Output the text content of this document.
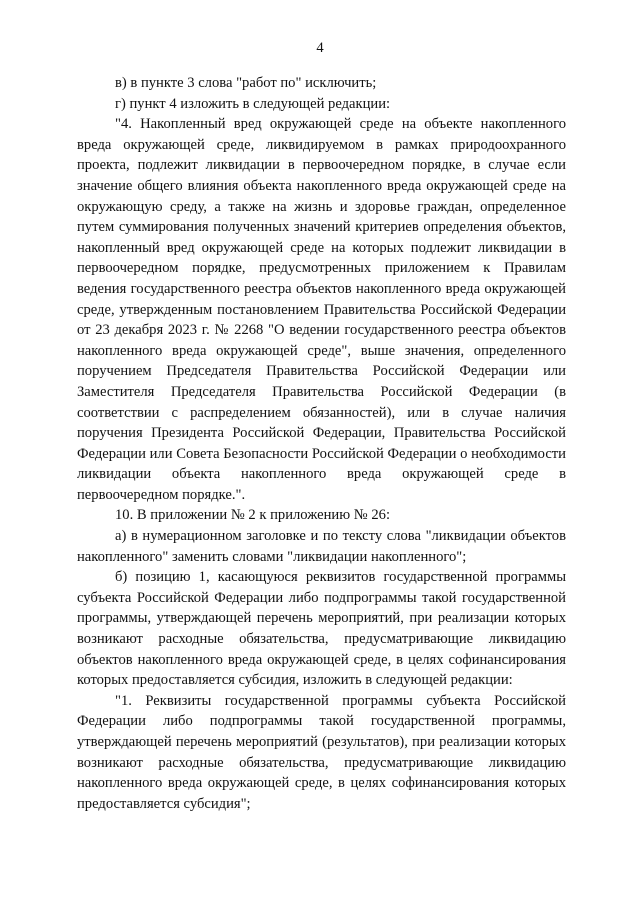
4

в) в пункте 3 слова "работ по" исключить;

г) пункт 4 изложить в следующей редакции:

"4. Накопленный вред окружающей среде на объекте накопленного вреда окружающей среде, ликвидируемом в рамках природоохранного проекта, подлежит ликвидации в первоочередном порядке, в случае если значение общего влияния объекта накопленного вреда окружающей среде на окружающую среду, а также на жизнь и здоровье граждан, определенное путем суммирования полученных значений критериев определения объектов, накопленный вред окружающей среде на которых подлежит ликвидации в первоочередном порядке, предусмотренных приложением к Правилам ведения государственного реестра объектов накопленного вреда окружающей среде, утвержденным постановлением Правительства Российской Федерации от 23 декабря 2023 г. № 2268 "О ведении государственного реестра объектов накопленного вреда окружающей среде", выше значения, определенного поручением Председателя Правительства Российской Федерации или Заместителя Председателя Правительства Российской Федерации (в соответствии с распределением обязанностей), или в случае наличия поручения Президента Российской Федерации, Правительства Российской Федерации или Совета Безопасности Российской Федерации о необходимости ликвидации объекта накопленного вреда окружающей среде в первоочередном порядке.".

10. В приложении № 2 к приложению № 26:

а) в нумерационном заголовке и по тексту слова "ликвидации объектов накопленного" заменить словами "ликвидации накопленного";

б) позицию 1, касающуюся реквизитов государственной программы субъекта Российской Федерации либо подпрограммы такой государственной программы, утверждающей перечень мероприятий, при реализации которых возникают расходные обязательства, предусматривающие ликвидацию объектов накопленного вреда окружающей среде, в целях софинансирования которых предоставляется субсидия, изложить в следующей редакции:

"1. Реквизиты государственной программы субъекта Российской Федерации либо подпрограммы такой государственной программы, утверждающей перечень мероприятий (результатов), при реализации которых возникают расходные обязательства, предусматривающие ликвидацию накопленного вреда окружающей среде, в целях софинансирования которых предоставляется субсидия";
